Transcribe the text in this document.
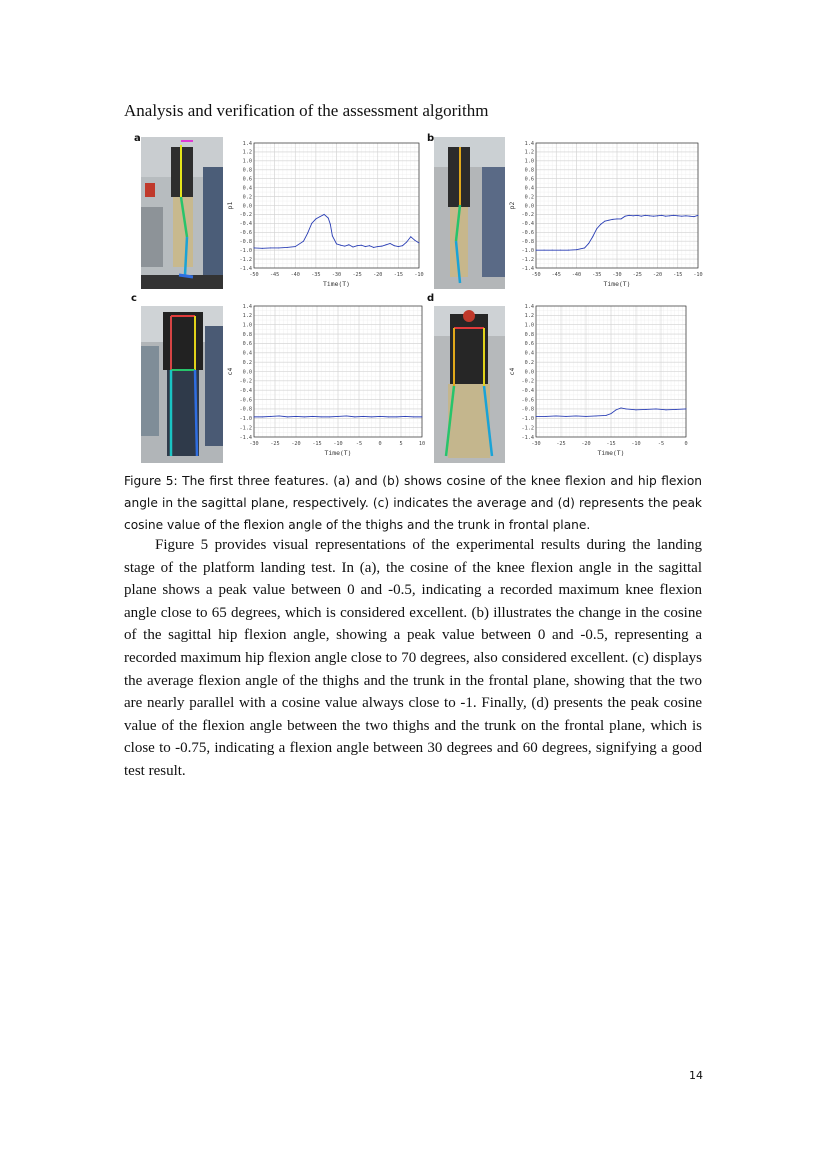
Analysis and verification of the assessment algorithm
a	b
c	d
-50 -45 -40 -35 -30 -25 -20 -15 -10
1.4
1.2
1.0
0.8
0.6
0.4
0.2
0.0
-0.2
-0.4
-0.6
-0.8
-1.0
-1.2
-1.4
Time(T)
p1
-50 -45 -40 -35 -30 -25 -20 -15 -10
1.4
1.2
1.0
0.8
0.6
0.4
0.2
0.0
-0.2
-0.4
-0.6
-0.8
-1.0
-1.2
-1.4
Time(T)
p2
-30 -25 -20 -15 -10	-5	0	5	10
1.4
1.2
1.0
0.8
0.6
0.4
0.2
0.0
-0.2
-0.4
-0.6
-0.8
-1.0
-1.2
-1.4
Time(T)
c4
-30	-25	-20	-15	-10	-5	0
1.4
1.2
1.0
0.8
0.6
0.4
0.2
0.0
-0.2
-0.4
-0.6
-0.8
-1.0
-1.2
-1.4
Time(T)
c4

Figure 5: The first three features. (a) and (b) shows cosine of the knee flexion and hip flexion angle in the sagittal plane, respectively. (c) indicates the average and (d) represents the peak cosine value of the flexion angle of the thighs and the trunk in frontal plane.

Figure 5 provides visual representations of the experimental results during the landing stage of the platform landing test. In (a), the cosine of the knee flexion angle in the sagittal plane shows a peak value between 0 and -0.5, indicating a recorded maximum knee flexion angle close to 65 degrees, which is considered excellent. (b) illustrates the change in the cosine of the sagittal hip flexion angle, showing a peak value between 0 and -0.5, representing a recorded maximum hip flexion angle close to 70 degrees, also considered excellent. (c) displays the average flexion angle of the thighs and the trunk in the frontal plane, showing that the two are nearly parallel with a cosine value always close to -1. Finally, (d) presents the peak cosine value of the flexion angle between the two thighs and the trunk on the frontal plane, which is close to -0.75, indicating a flexion angle between 30 degrees and 60 degrees, signifying a good test result.

14
